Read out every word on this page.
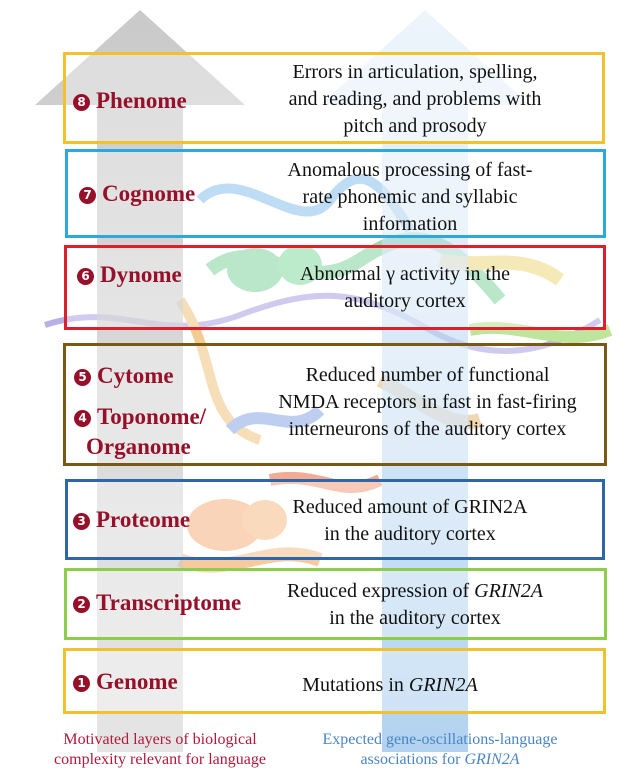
8 Phenome
7 Cognome
6 Dynome
5 Cytome
4 Toponome/
Organome
3 Proteome
2 Transcriptome
1 Genome
Errors in articulation, spelling,
and reading, and problems with
pitch and prosody
Anomalous processing of fast-
rate phonemic and syllabic
information
Abnormal γ activity in the
auditory cortex
Reduced number of functional
NMDA receptors in fast in fast-firing
interneurons of the auditory cortex
Reduced amount of GRIN2A
in the auditory cortex
Reduced expression of GRIN2A
in the auditory cortex
Mutations in GRIN2A
Motivated layers of biological
complexity relevant for language
Expected gene-oscillations-language
associations for GRIN2A
